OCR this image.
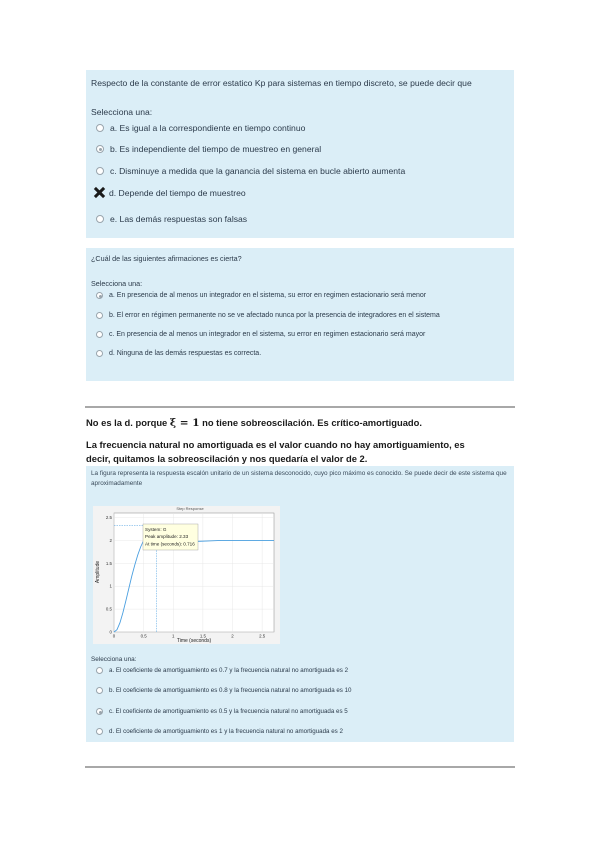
Respecto de la constante de error estatico Kp para sistemas en tiempo discreto, se puede decir que
Selecciona una:
a. Es igual a la correspondiente en tiempo continuo
b. Es independiente del tiempo de muestreo en general
c. Disminuye a medida que la ganancia del sistema en bucle abierto aumenta
d. Depende del tiempo de muestreo
e. Las demás respuestas son falsas
¿Cuál de las siguientes afirmaciones es cierta?
Selecciona una:
a. En presencia de al menos un integrador en el sistema, su error en regimen estacionario será menor
b. El error en régimen permanente no se ve afectado nunca por la presencia de integradores en el sistema
c. En presencia de al menos un integrador en el sistema, su error en regimen estacionario será mayor
d. Ninguna de las demás respuestas es correcta.
No es la d. porque ξ = 1 no tiene sobreoscilación. Es crítico-amortiguado.
La frecuencia natural no amortiguada es el valor cuando no hay amortiguamiento, es
decir, quitamos la sobreoscilación y nos quedaría el valor de 2.
La figura representa la respuesta escalón unitario de un sistema desconocido, cuyo pico máximo es conocido. Se puede decir de este sistema que aproximadamente
Step Response
0	0.5	1	1.5	2	2.5
0
0.5
1
1.5
2
2.5
System: G
Peak amplitude: 2.33
At time (seconds): 0.716
Time (seconds)
Amplitude
Selecciona una:
a. El coeficiente de amortiguamiento es 0.7 y la frecuencia natural no amortiguada es 2
b. El coeficiente de amortiguamiento es 0.8 y la frecuencia natural no amortiguada es 10
c. El coeficiente de amortiguamiento es 0.5 y la frecuencia natural no amortiguada es 5
d. El coeficiente de amortiguamiento es 1 y la frecuencia natural no amortiguada es 2
